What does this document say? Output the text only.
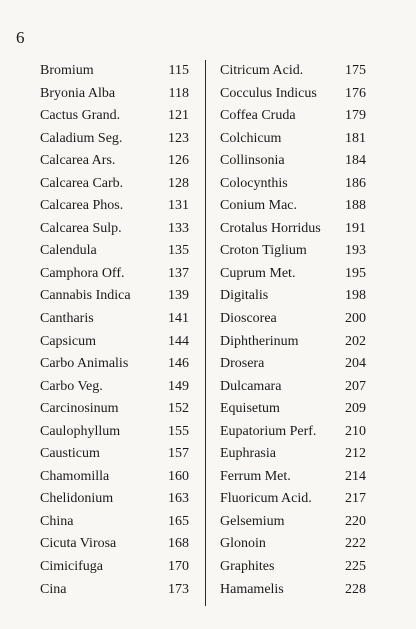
6
Bromium	115
Bryonia Alba	118
Cactus Grand.	121
Caladium Seg.	123
Calcarea Ars.	126
Calcarea Carb.	128
Calcarea Phos.	131
Calcarea Sulp.	133
Calendula	135
Camphora Off.	137
Cannabis Indica	139
Cantharis	141
Capsicum	144
Carbo Animalis	146
Carbo Veg.	149
Carcinosinum	152
Caulophyllum	155
Causticum	157
Chamomilla	160
Chelidonium	163
China	165
Cicuta Virosa	168
Cimicifuga	170
Cina	173
Citricum Acid.	175
Cocculus Indicus 176
Coffea Cruda	179
Colchicum	181
Collinsonia	184
Colocynthis	186
Conium Mac.	188
Crotalus Horridus 191
Croton Tiglium	193
Cuprum Met.	195
Digitalis	198
Dioscorea	200
Diphtherinum	202
Drosera	204
Dulcamara	207
Equisetum	209
Eupatorium Perf. 210
Euphrasia	212
Ferrum Met.	214
Fluoricum Acid. 217
Gelsemium	220
Glonoin	222
Graphites	225
Hamamelis	228
